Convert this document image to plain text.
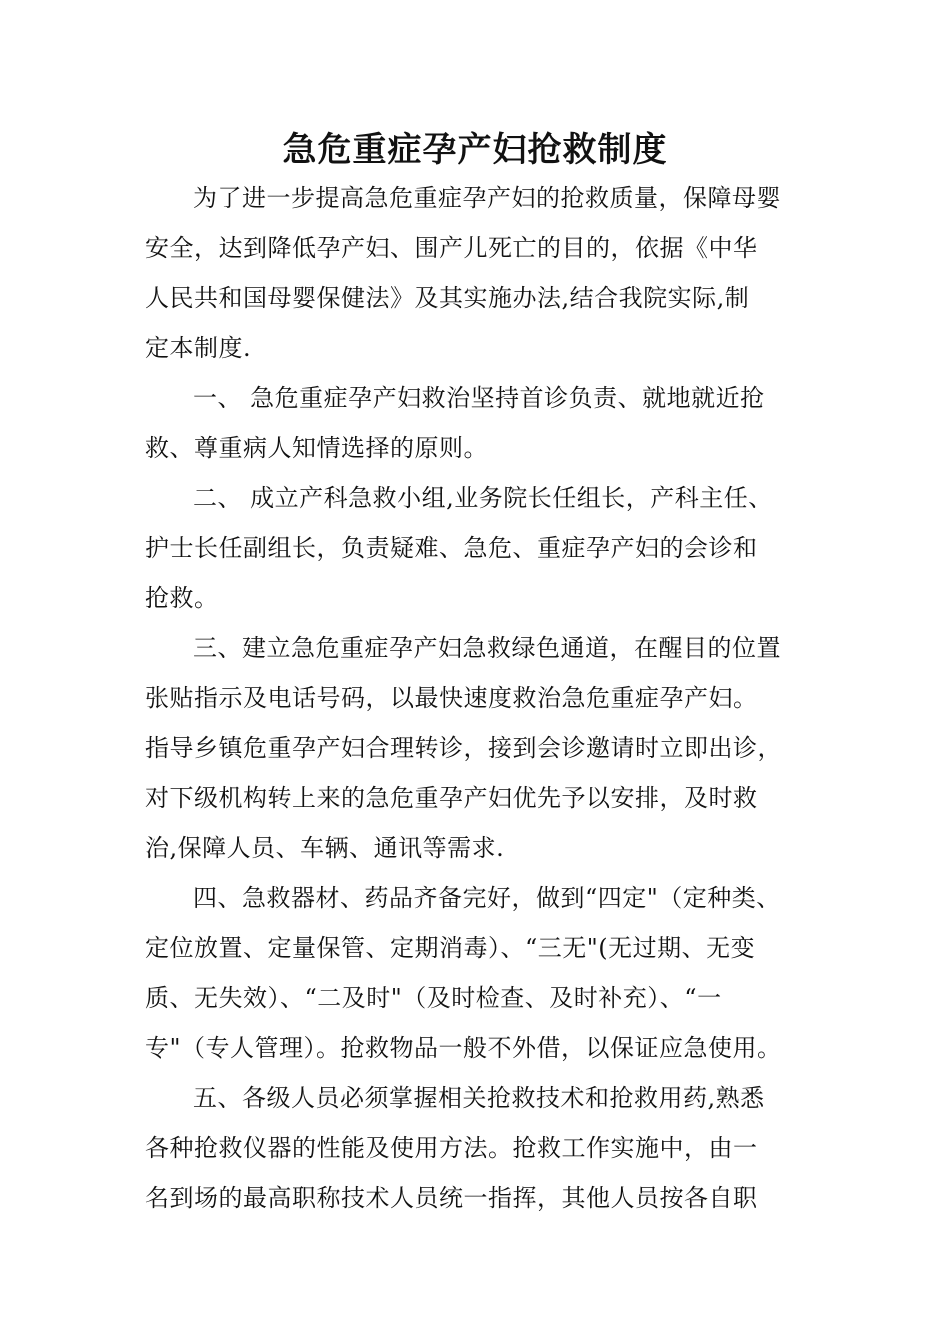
急危重症孕产妇抢救制度
为了进一步提高急危重症孕产妇的抢救质量，保障母婴
安全，达到降低孕产妇、围产儿死亡的目的，依据《中华
人民共和国母婴保健法》及其实施办法,结合我院实际,制
定本制度.
一、 急危重症孕产妇救治坚持首诊负责、就地就近抢
救、尊重病人知情选择的原则。
二、 成立产科急救小组,业务院长任组长，产科主任、
护士长任副组长，负责疑难、急危、重症孕产妇的会诊和
抢救。
三、建立急危重症孕产妇急救绿色通道，在醒目的位置
张贴指示及电话号码，以最快速度救治急危重症孕产妇。
指导乡镇危重孕产妇合理转诊，接到会诊邀请时立即出诊，
对下级机构转上来的急危重孕产妇优先予以安排，及时救
治,保障人员、车辆、通讯等需求.
四、急救器材、药品齐备完好，做到“四定"（定种类、
定位放置、定量保管、定期消毒）、“三无"(无过期、无变
质、无失效）、“二及时"（及时检查、及时补充）、“一
专"（专人管理）。抢救物品一般不外借，以保证应急使用。
五、各级人员必须掌握相关抢救技术和抢救用药,熟悉
各种抢救仪器的性能及使用方法。抢救工作实施中，由一
名到场的最高职称技术人员统一指挥，其他人员按各自职
